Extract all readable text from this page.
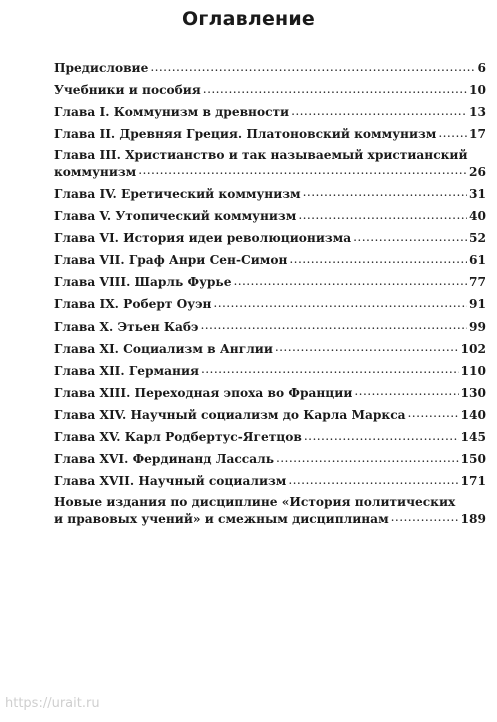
Оглавление
Предисловие .....	6
Учебники и пособия .....	10
Глава I. Коммунизм в древности .....	13
Глава II. Древняя Греция. Платоновский коммунизм .....	17
Глава III. Христианство и так называемый христианский
коммунизм .....	26
Глава IV. Еретический коммунизм .....	31
Глава V. Утопический коммунизм .....	40
Глава VI. История идеи революционизма .....	52
Глава VII. Граф Анри Сен-Симон .....	61
Глава VIII. Шарль Фурье .....	77
Глава IX. Роберт Оуэн .....	91
Глава X. Этьен Кабэ .....	99
Глава XI. Социализм в Англии .....	102
Глава XII. Германия .....	110
Глава XIII. Переходная эпоха во Франции .....	130
Глава XIV. Научный социализм до Карла Маркса .....	140
Глава XV. Карл Родбертус-Ягетцов .....	145
Глава XVI. Фердинанд Лассаль .....	150
Глава XVII. Научный социализм .....	171
Новые издания по дисциплине «История политических
и правовых учений» и смежным дисциплинам .....	189
https://urait.ru
